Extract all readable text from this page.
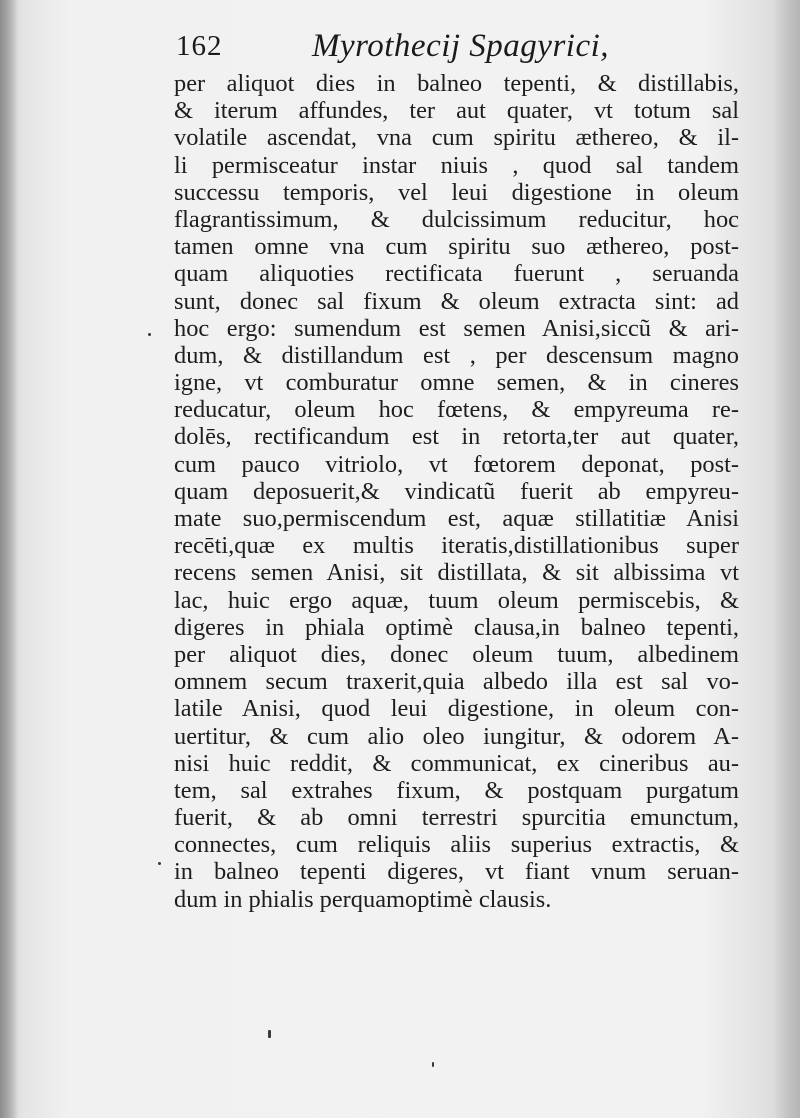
162	Myrothecij Spagyrici,
per aliquot dies in balneo tepenti, & distillabis,
& iterum affundes, ter aut quater, vt totum sal
volatile ascendat, vna cum spiritu æthereo, & il-
li permisceatur instar niuis , quod sal tandem
successu temporis, vel leui digestione in oleum
flagrantissimum, & dulcissimum reducitur, hoc
tamen omne vna cum spiritu suo æthereo, post-
quam aliquoties rectificata fuerunt , seruanda
sunt, donec sal fixum & oleum extracta sint: ad
hoc ergo: sumendum est semen Anisi,siccũ & ari-
dum, & distillandum est , per descensum magno
igne, vt comburatur omne semen, & in cineres
reducatur, oleum hoc fœtens, & empyreuma re-
dolēs, rectificandum est in retorta,ter aut quater,
cum pauco vitriolo, vt fœtorem deponat, post-
quam deposuerit,& vindicatũ fuerit ab empyreu-
mate suo,permiscendum est, aquæ stillatitiæ Anisi
recēti,quæ ex multis iteratis,distillationibus super
recens semen Anisi, sit distillata, & sit albissima vt
lac, huic ergo aquæ, tuum oleum permiscebis, &
digeres in phiala optimè clausa,in balneo tepenti,
per aliquot dies, donec oleum tuum, albedinem
omnem secum traxerit,quia albedo illa est sal vo-
latile Anisi, quod leui digestione, in oleum con-
uertitur, & cum alio oleo iungitur, & odorem A-
nisi huic reddit, & communicat, ex cineribus au-
tem, sal extrahes fixum, & postquam purgatum
fuerit, & ab omni terrestri spurcitia emunctum,
connectes, cum reliquis aliis superius extractis, &
in balneo tepenti digeres, vt fiant vnum seruan-
dum in phialis perquamoptimè clausis.
